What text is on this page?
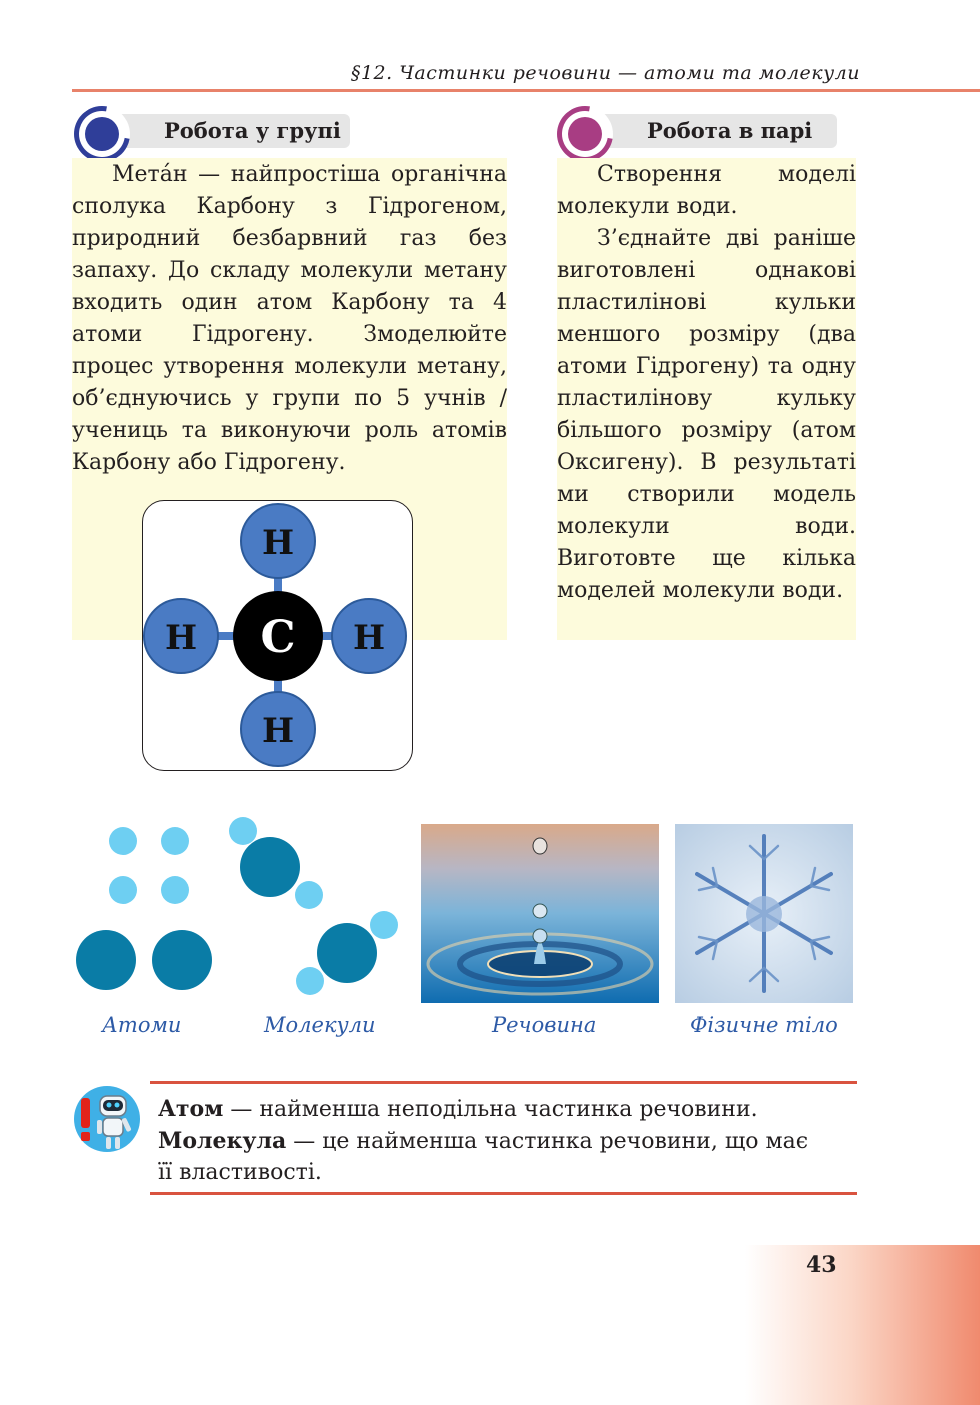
§12. Частинки речовини — атоми та молекули
Робота у групі

Мета́н — найпростіша органічна сполука Карбону з Гідрогеном, природний безбарвний газ без запаху. До складу молекули метану входить один атом Карбону та 4 атоми Гідрогену. Змоделюйте процес утворення молекули метану, об’єднуючись у групи по 5 учнів / учениць та виконуючи роль атомів Карбону або Гідрогену.

H
H	H
H
C
Робота в парі

Створення моделі молекули води.

З’єднайте дві раніше виготовлені однакові пластилінові кульки меншого розміру (два атоми Гідрогену) та одну пластилінову кульку більшого розміру (атом Оксигену). В результаті ми створили модель молекули води. Виготовте ще кілька моделей молекули води.

Атоми	Молекули	Речовина	Фізичне тіло
Атом — найменша неподільна частинка речовини.
Молекула — це найменша частинка речовини, що має
її властивості.
43
